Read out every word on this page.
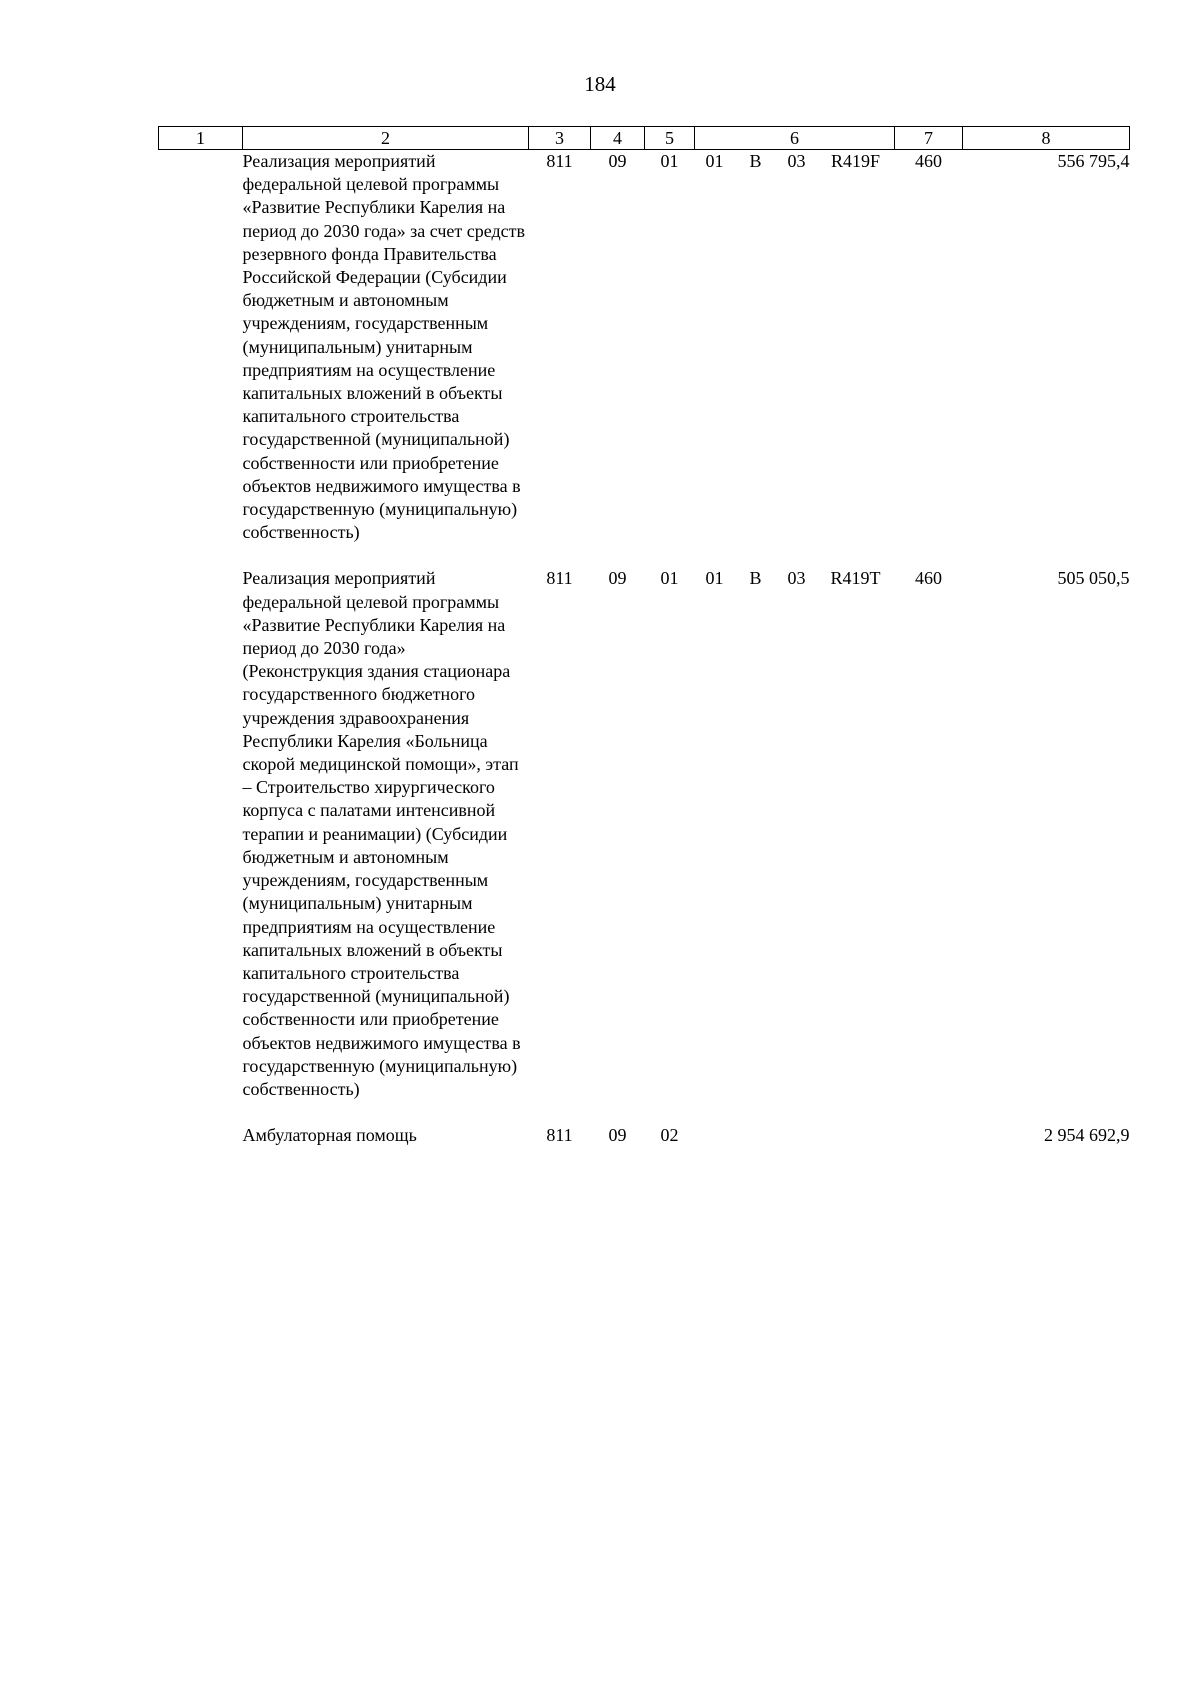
184
1	2	3	4	5	6				7	8
	Реализация мероприятий федеральной целевой программы «Развитие Республики Карелия на период до 2030 года» за счет средств резервного фонда Правительства Российской Федерации (Субсидии бюджетным и автономным учреждениям, государственным (муниципальным) унитарным предприятиям на осуществление капитальных вложений в объекты капитального строительства государственной (муниципальной) собственности или приобретение объектов недвижимого имущества в государственную (муниципальную) собственность)	811	09	01	01	В	03	R419F	460	556 795,4

	Реализация мероприятий федеральной целевой программы «Развитие Республики Карелия на период до 2030 года» (Реконструкция здания стационара государственного бюджетного учреждения здравоохранения Республики Карелия «Больница скорой медицинской помощи», этап – Строительство хирургического корпуса с палатами интенсивной терапии и реанимации) (Субсидии бюджетным и автономным учреждениям, государственным (муниципальным) унитарным предприятиям на осуществление капитальных вложений в объекты капитального строительства государственной (муниципальной) собственности или приобретение объектов недвижимого имущества в государственную (муниципальную) собственность)	811	09	01	01	В	03	R419T	460	505 050,5

	Амбулаторная помощь	811	09	02						2 954 692,9
